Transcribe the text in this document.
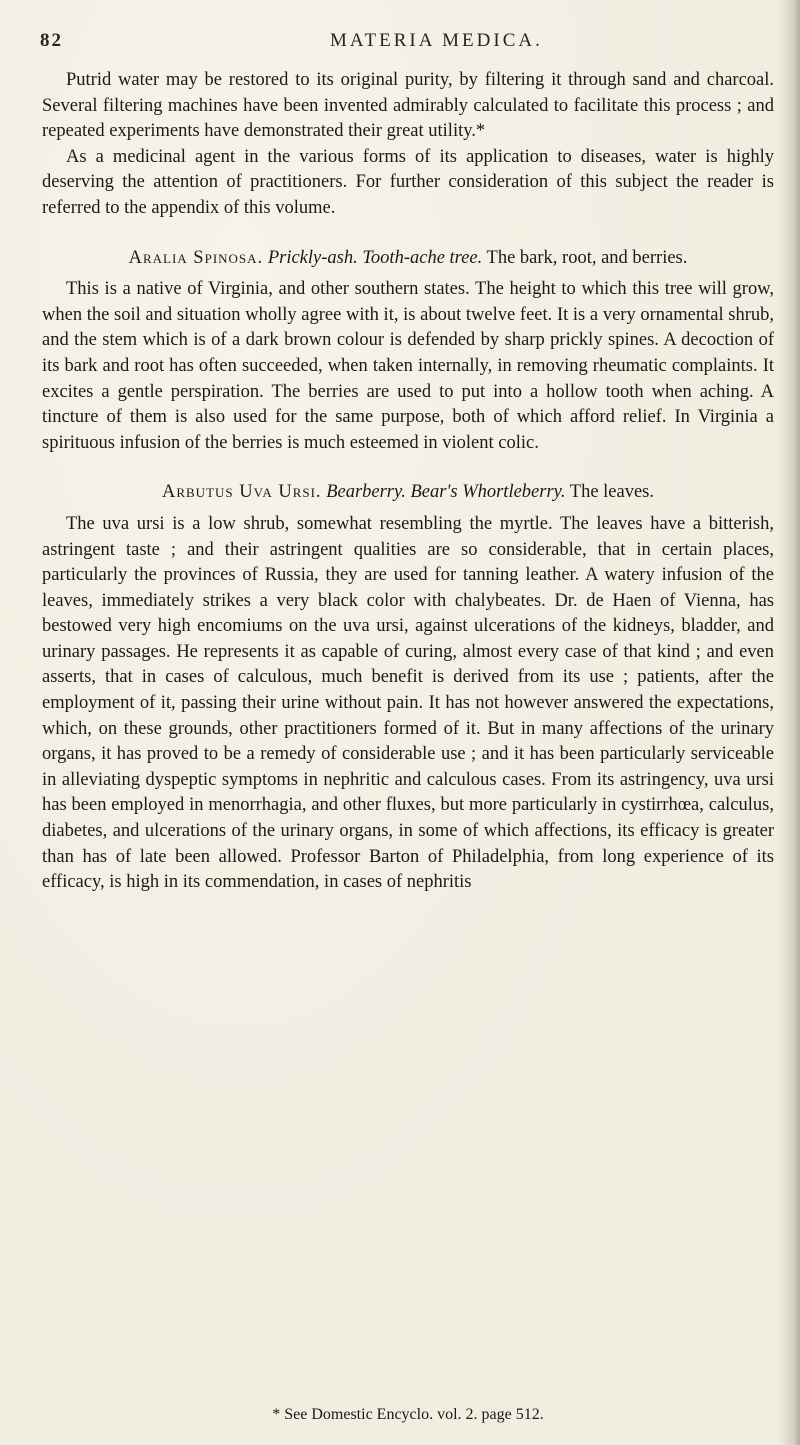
82	MATERIA MEDICA.

Putrid water may be restored to its original purity, by filtering it through sand and charcoal. Several filtering machines have been invented admirably calculated to facilitate this process ; and repeated experiments have demonstrated their great utility.*

As a medicinal agent in the various forms of its application to diseases, water is highly deserving the attention of practitioners. For further consideration of this subject the reader is referred to the appendix of this volume.

Aralia Spinosa. Prickly-ash. Tooth-ache tree. The bark, root, and berries.

This is a native of Virginia, and other southern states. The height to which this tree will grow, when the soil and situation wholly agree with it, is about twelve feet. It is a very ornamental shrub, and the stem which is of a dark brown colour is defended by sharp prickly spines. A decoction of its bark and root has often succeeded, when taken internally, in removing rheumatic complaints. It excites a gentle perspiration. The berries are used to put into a hollow tooth when aching. A tincture of them is also used for the same purpose, both of which afford relief. In Virginia a spirituous infusion of the berries is much esteemed in violent colic.

Arbutus Uva Ursi. Bearberry. Bear's Whortleberry. The leaves.

The uva ursi is a low shrub, somewhat resembling the myrtle. The leaves have a bitterish, astringent taste ; and their astringent qualities are so considerable, that in certain places, particularly the provinces of Russia, they are used for tanning leather. A watery infusion of the leaves, immediately strikes a very black color with chalybeates. Dr. de Haen of Vienna, has bestowed very high encomiums on the uva ursi, against ulcerations of the kidneys, bladder, and urinary passages. He represents it as capable of curing, almost every case of that kind ; and even asserts, that in cases of calculous, much benefit is derived from its use ; patients, after the employment of it, passing their urine without pain. It has not however answered the expectations, which, on these grounds, other practitioners formed of it. But in many affections of the urinary organs, it has proved to be a remedy of considerable use ; and it has been particularly serviceable in alleviating dyspeptic symptoms in nephritic and calculous cases. From its astringency, uva ursi has been employed in menorrhagia, and other fluxes, but more particularly in cystirrhœa, calculus, diabetes, and ulcerations of the urinary organs, in some of which affections, its efficacy is greater than has of late been allowed. Professor Barton of Philadelphia, from long experience of its efficacy, is high in its commendation, in cases of nephritis

* See Domestic Encyclo. vol. 2. page 512.
